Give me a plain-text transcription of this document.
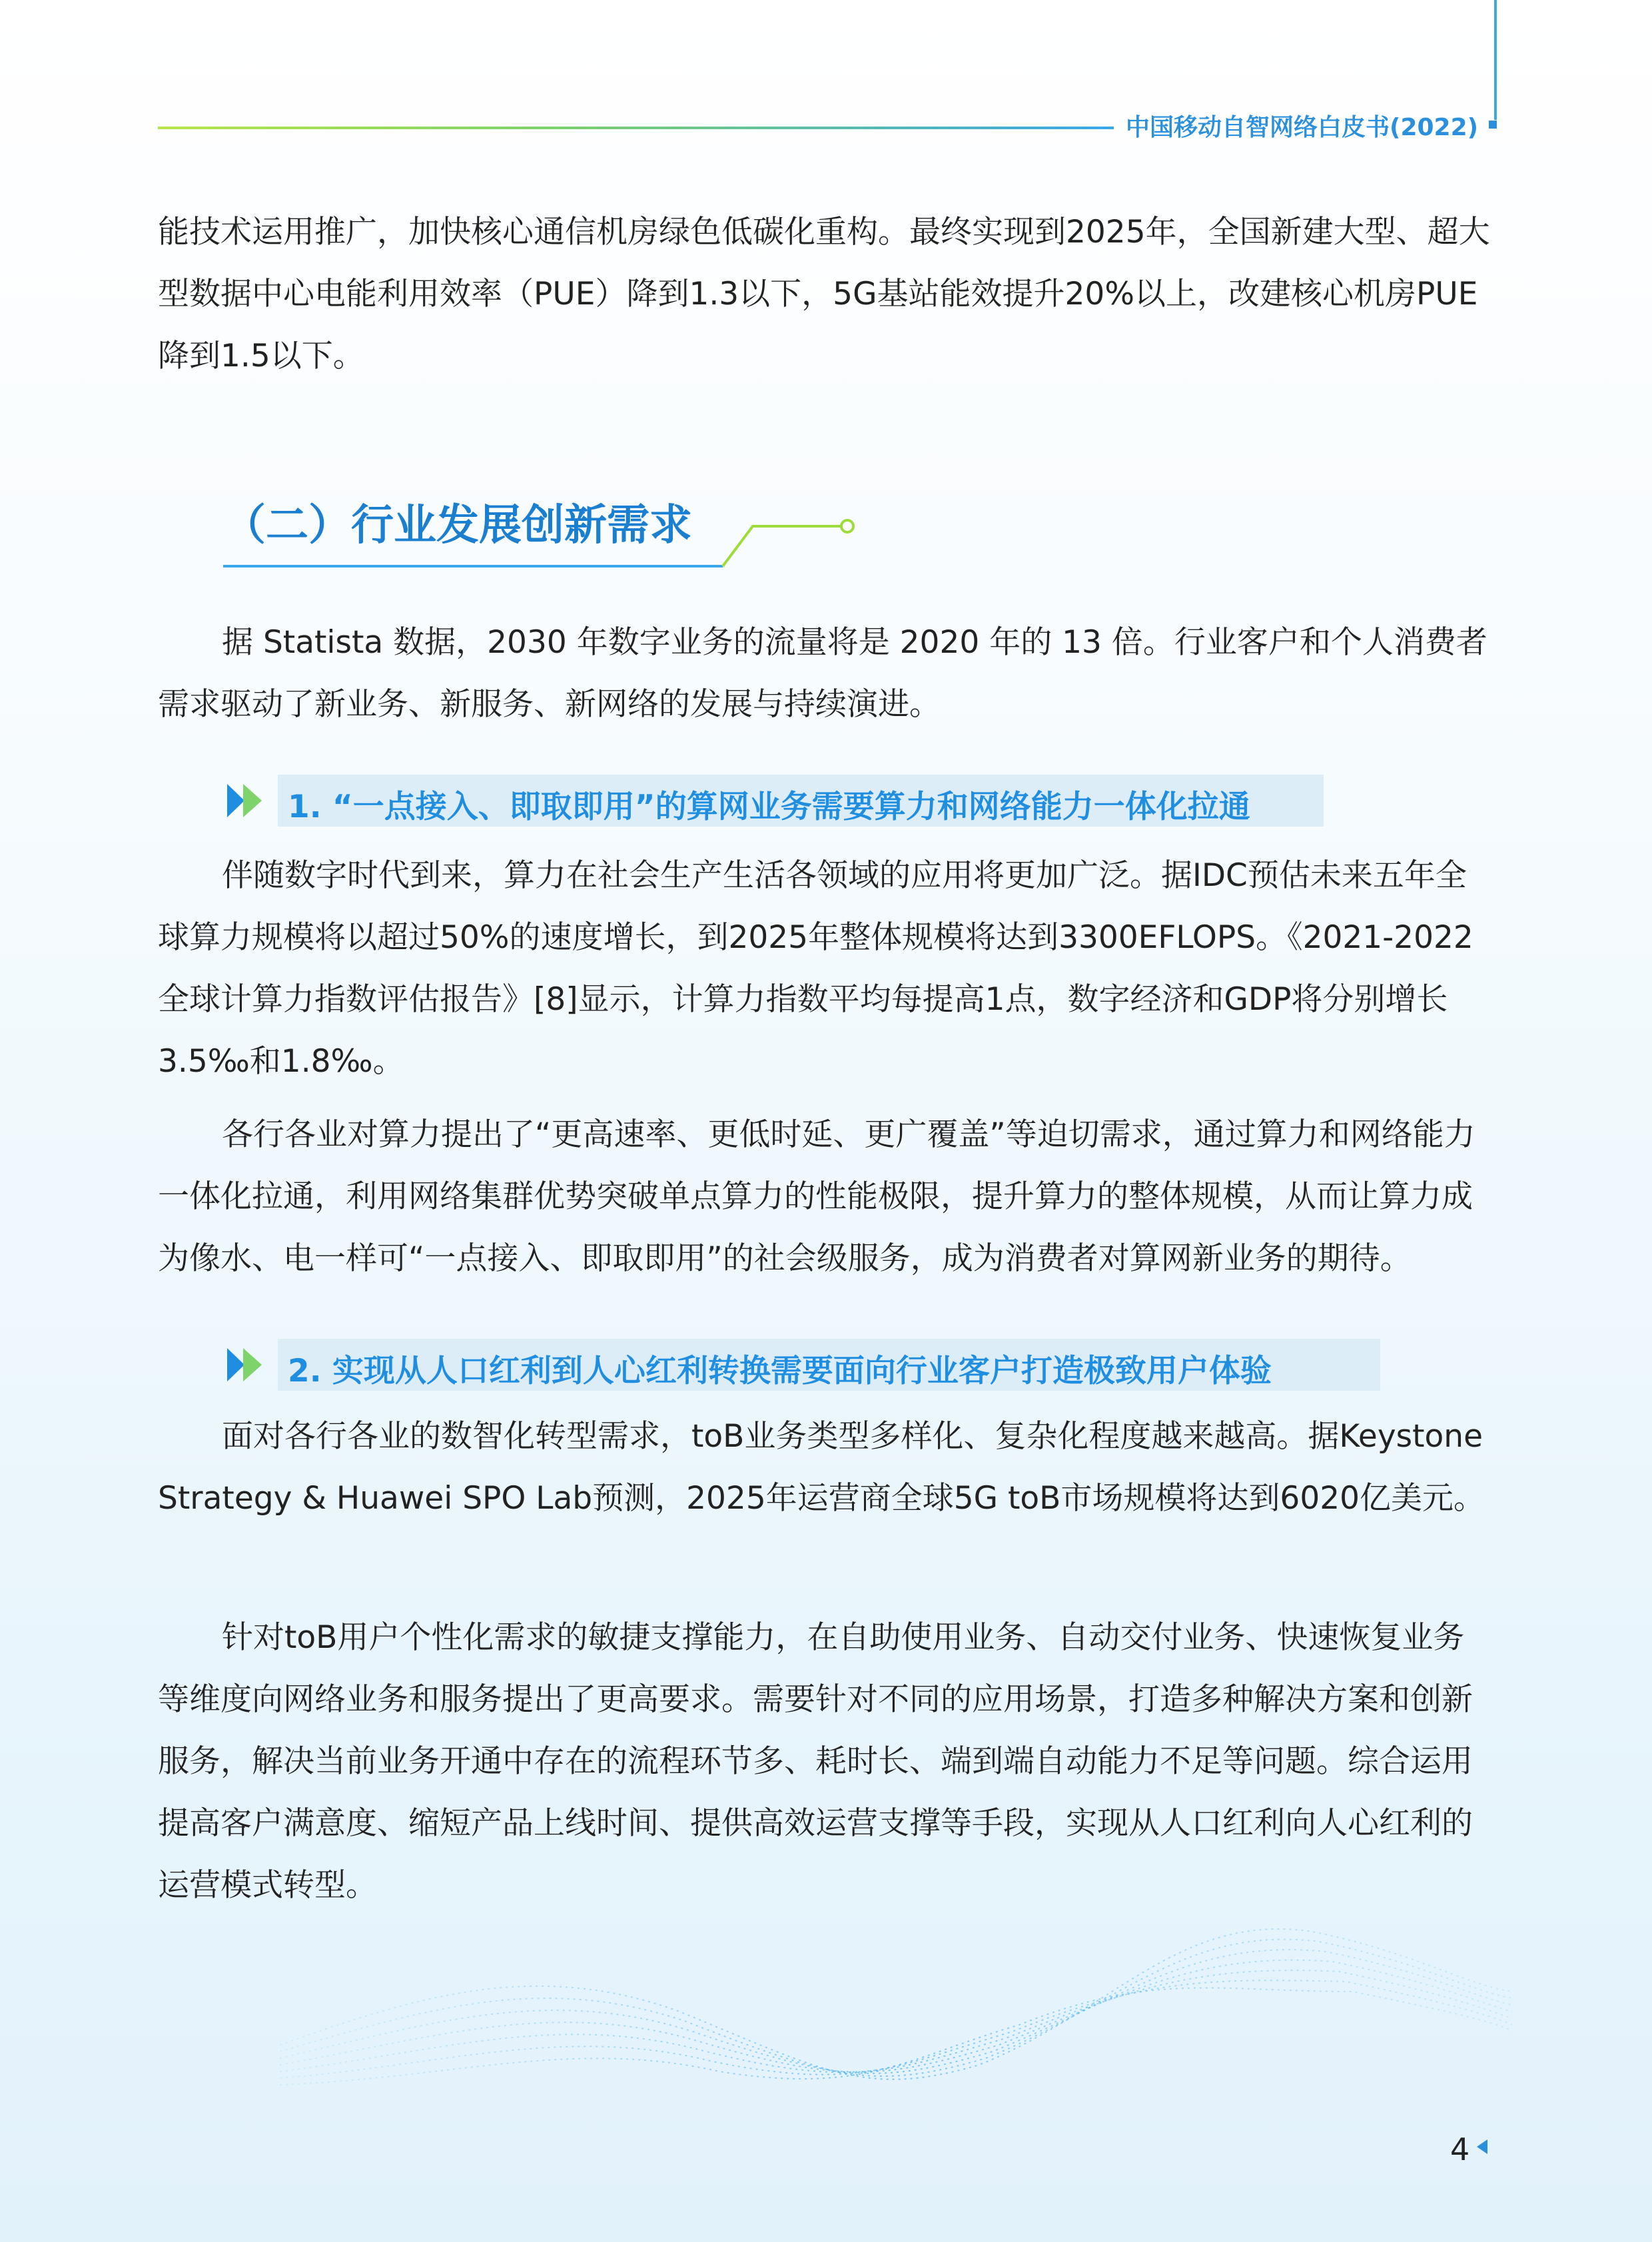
中国移动自智网络白皮书(2022)

能技术运用推广，加快核心通信机房绿色低碳化重构。最终实现到2025年，全国新建大型、超大型数据中心电能利用效率（PUE）降到1.3以下，5G基站能效提升20%以上，改建核心机房PUE降到1.5以下。

（二）行业发展创新需求

据 Statista 数据，2030 年数字业务的流量将是 2020 年的 13 倍。行业客户和个人消费者需求驱动了新业务、新服务、新网络的发展与持续演进。

1. “一点接入、即取即用”的算网业务需要算力和网络能力一体化拉通

伴随数字时代到来，算力在社会生产生活各领域的应用将更加广泛。据IDC预估未来五年全球算力规模将以超过50%的速度增长，到2025年整体规模将达到3300EFLOPS。《2021-2022全球计算力指数评估报告》[8]显示，计算力指数平均每提高1点，数字经济和GDP将分别增长3.5‰和1.8‰。

各行各业对算力提出了“更高速率、更低时延、更广覆盖”等迫切需求，通过算力和网络能力一体化拉通，利用网络集群优势突破单点算力的性能极限，提升算力的整体规模，从而让算力成为像水、电一样可“一点接入、即取即用”的社会级服务，成为消费者对算网新业务的期待。

2. 实现从人口红利到人心红利转换需要面向行业客户打造极致用户体验

面对各行各业的数智化转型需求，toB业务类型多样化、复杂化程度越来越高。据Keystone Strategy & Huawei SPO Lab预测，2025年运营商全球5G toB市场规模将达到6020亿美元。

针对toB用户个性化需求的敏捷支撑能力，在自助使用业务、自动交付业务、快速恢复业务等维度向网络业务和服务提出了更高要求。需要针对不同的应用场景，打造多种解决方案和创新服务，解决当前业务开通中存在的流程环节多、耗时长、端到端自动能力不足等问题。综合运用提高客户满意度、缩短产品上线时间、提供高效运营支撑等手段，实现从人口红利向人心红利的运营模式转型。

4
